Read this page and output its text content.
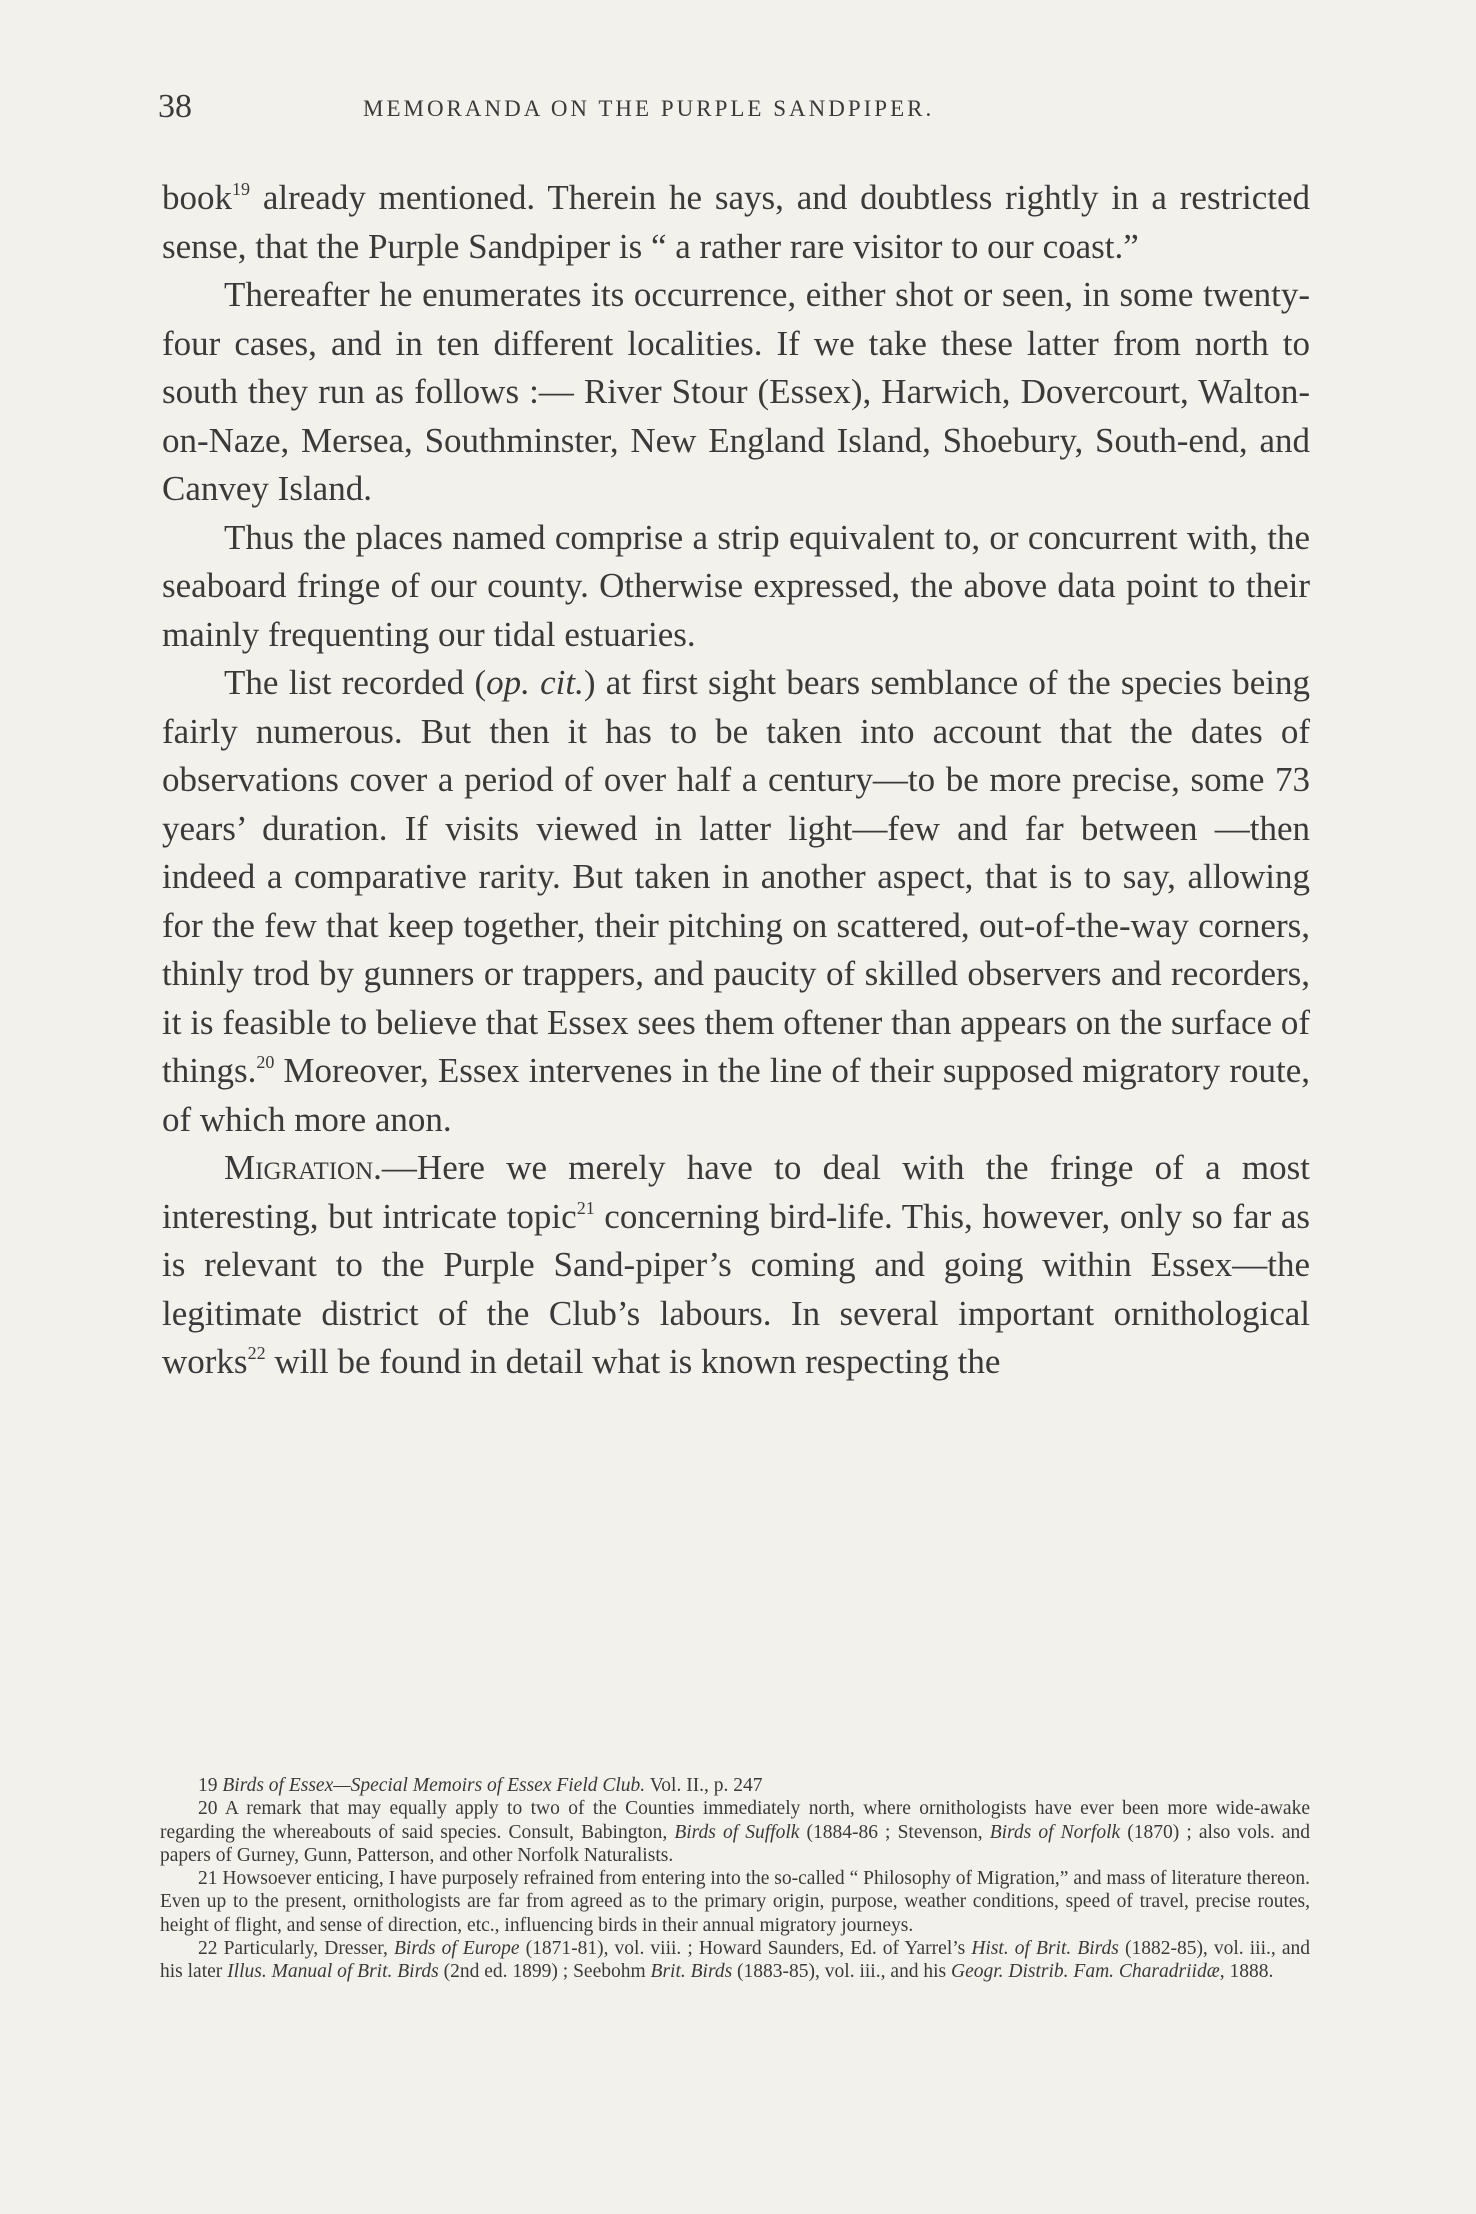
38	MEMORANDA ON THE PURPLE SANDPIPER.

book$^{19}$ already mentioned. Therein he says, and doubtless rightly in a restricted sense, that the Purple Sandpiper is “ a rather rare visitor to our coast.”

Thereafter he enumerates its occurrence, either shot or seen, in some twenty-four cases, and in ten different localities. If we take these latter from north to south they run as follows :— River Stour (Essex), Harwich, Dovercourt, Walton-on-Naze, Mersea, Southminster, New England Island, Shoebury, South-end, and Canvey Island.

Thus the places named comprise a strip equivalent to, or concurrent with, the seaboard fringe of our county. Otherwise expressed, the above data point to their mainly frequenting our tidal estuaries.

The list recorded (op. cit.) at first sight bears semblance of the species being fairly numerous. But then it has to be taken into account that the dates of observations cover a period of over half a century—to be more precise, some 73 years’ duration. If visits viewed in latter light—few and far between —then indeed a comparative rarity. But taken in another aspect, that is to say, allowing for the few that keep together, their pitching on scattered, out-of-the-way corners, thinly trod by gunners or trappers, and paucity of skilled observers and recorders, it is feasible to believe that Essex sees them oftener than appears on the surface of things.$^{20}$ Moreover, Essex intervenes in the line of their supposed migratory route, of which more anon.

Migration.—Here we merely have to deal with the fringe of a most interesting, but intricate topic$^{21}$ concerning bird-life. This, however, only so far as is relevant to the Purple Sand-piper’s coming and going within Essex—the legitimate district of the Club’s labours. In several important ornithological works$^{22}$ will be found in detail what is known respecting the

19 Birds of Essex—Special Memoirs of Essex Field Club. Vol. II., p. 247

20 A remark that may equally apply to two of the Counties immediately north, where ornithologists have ever been more wide-awake regarding the whereabouts of said species. Consult, Babington, Birds of Suffolk (1884-86 ; Stevenson, Birds of Norfolk (1870) ; also vols. and papers of Gurney, Gunn, Patterson, and other Norfolk Naturalists.

21 Howsoever enticing, I have purposely refrained from entering into the so-called “ Philosophy of Migration,” and mass of literature thereon. Even up to the present, ornithologists are far from agreed as to the primary origin, purpose, weather conditions, speed of travel, precise routes, height of flight, and sense of direction, etc., influencing birds in their annual migratory journeys.

22 Particularly, Dresser, Birds of Europe (1871-81), vol. viii. ; Howard Saunders, Ed. of Yarrel’s Hist. of Brit. Birds (1882-85), vol. iii., and his later Illus. Manual of Brit. Birds (2nd ed. 1899) ; Seebohm Brit. Birds (1883-85), vol. iii., and his Geogr. Distrib. Fam. Charadriidæ, 1888.
